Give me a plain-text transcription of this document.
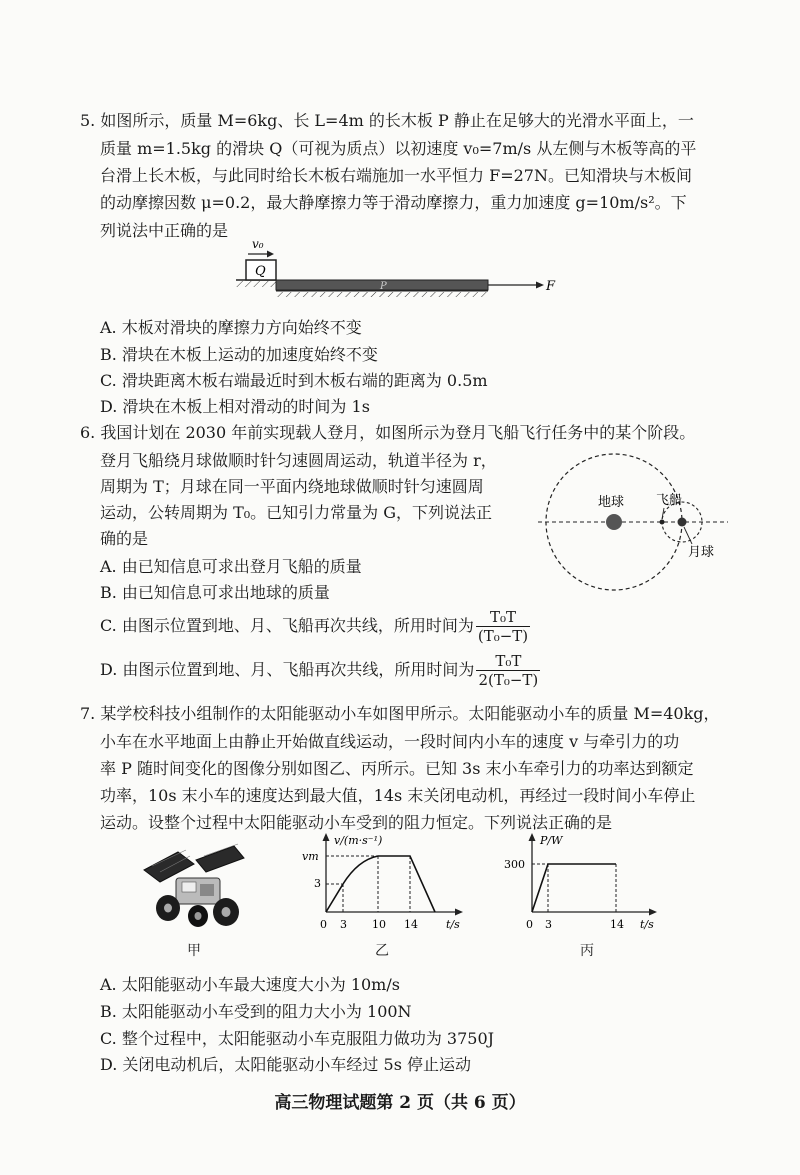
5. 如图所示，质量 M=6kg、长 L=4m 的长木板 P 静止在足够大的光滑水平面上，一
质量 m=1.5kg 的滑块 Q（可视为质点）以初速度 v₀=7m/s 从左侧与木板等高的平
台滑上长木板，与此同时给长木板右端施加一水平恒力 F=27N。已知滑块与木板间
的动摩擦因数 μ=0.2，最大静摩擦力等于滑动摩擦力，重力加速度 g=10m/s²。下
列说法中正确的是
v₀
Q
P	F
A. 木板对滑块的摩擦力方向始终不变
B. 滑块在木板上运动的加速度始终不变
C. 滑块距离木板右端最近时到木板右端的距离为 0.5m
D. 滑块在木板上相对滑动的时间为 1s
6. 我国计划在 2030 年前实现载人登月，如图所示为登月飞船飞行任务中的某个阶段。
登月飞船绕月球做顺时针匀速圆周运动，轨道半径为 r，
周期为 T；月球在同一平面内绕地球做顺时针匀速圆周
运动，公转周期为 T₀。已知引力常量为 G，下列说法正
确的是
地球 飞船
月球
A. 由已知信息可求出登月飞船的质量
B. 由已知信息可求出地球的质量
C. 由图示位置到地、月、飞船再次共线，所用时间为 $\frac{\text{T₀T}}{\text{(T₀−T)}}$
D. 由图示位置到地、月、飞船再次共线，所用时间为 $\frac{\text{T₀T}}{\text{2(T₀−T)}}$
7. 某学校科技小组制作的太阳能驱动小车如图甲所示。太阳能驱动小车的质量 M=40kg，
小车在水平地面上由静止开始做直线运动，一段时间内小车的速度 v 与牵引力的功
率 P 随时间变化的图像分别如图乙、丙所示。已知 3s 末小车牵引力的功率达到额定
功率，10s 末小车的速度达到最大值，14s 末关闭电动机，再经过一段时间小车停止
运动。设整个过程中太阳能驱动小车受到的阻力恒定。下列说法正确的是
甲
v/(m·s⁻¹)
vm
3
t/s
0 3 10 14
乙
P/W
300
t/s
0 3	14
丙
A. 太阳能驱动小车最大速度大小为 10m/s
B. 太阳能驱动小车受到的阻力大小为 100N
C. 整个过程中，太阳能驱动小车克服阻力做功为 3750J
D. 关闭电动机后，太阳能驱动小车经过 5s 停止运动
高三物理试题第 2 页（共 6 页）
